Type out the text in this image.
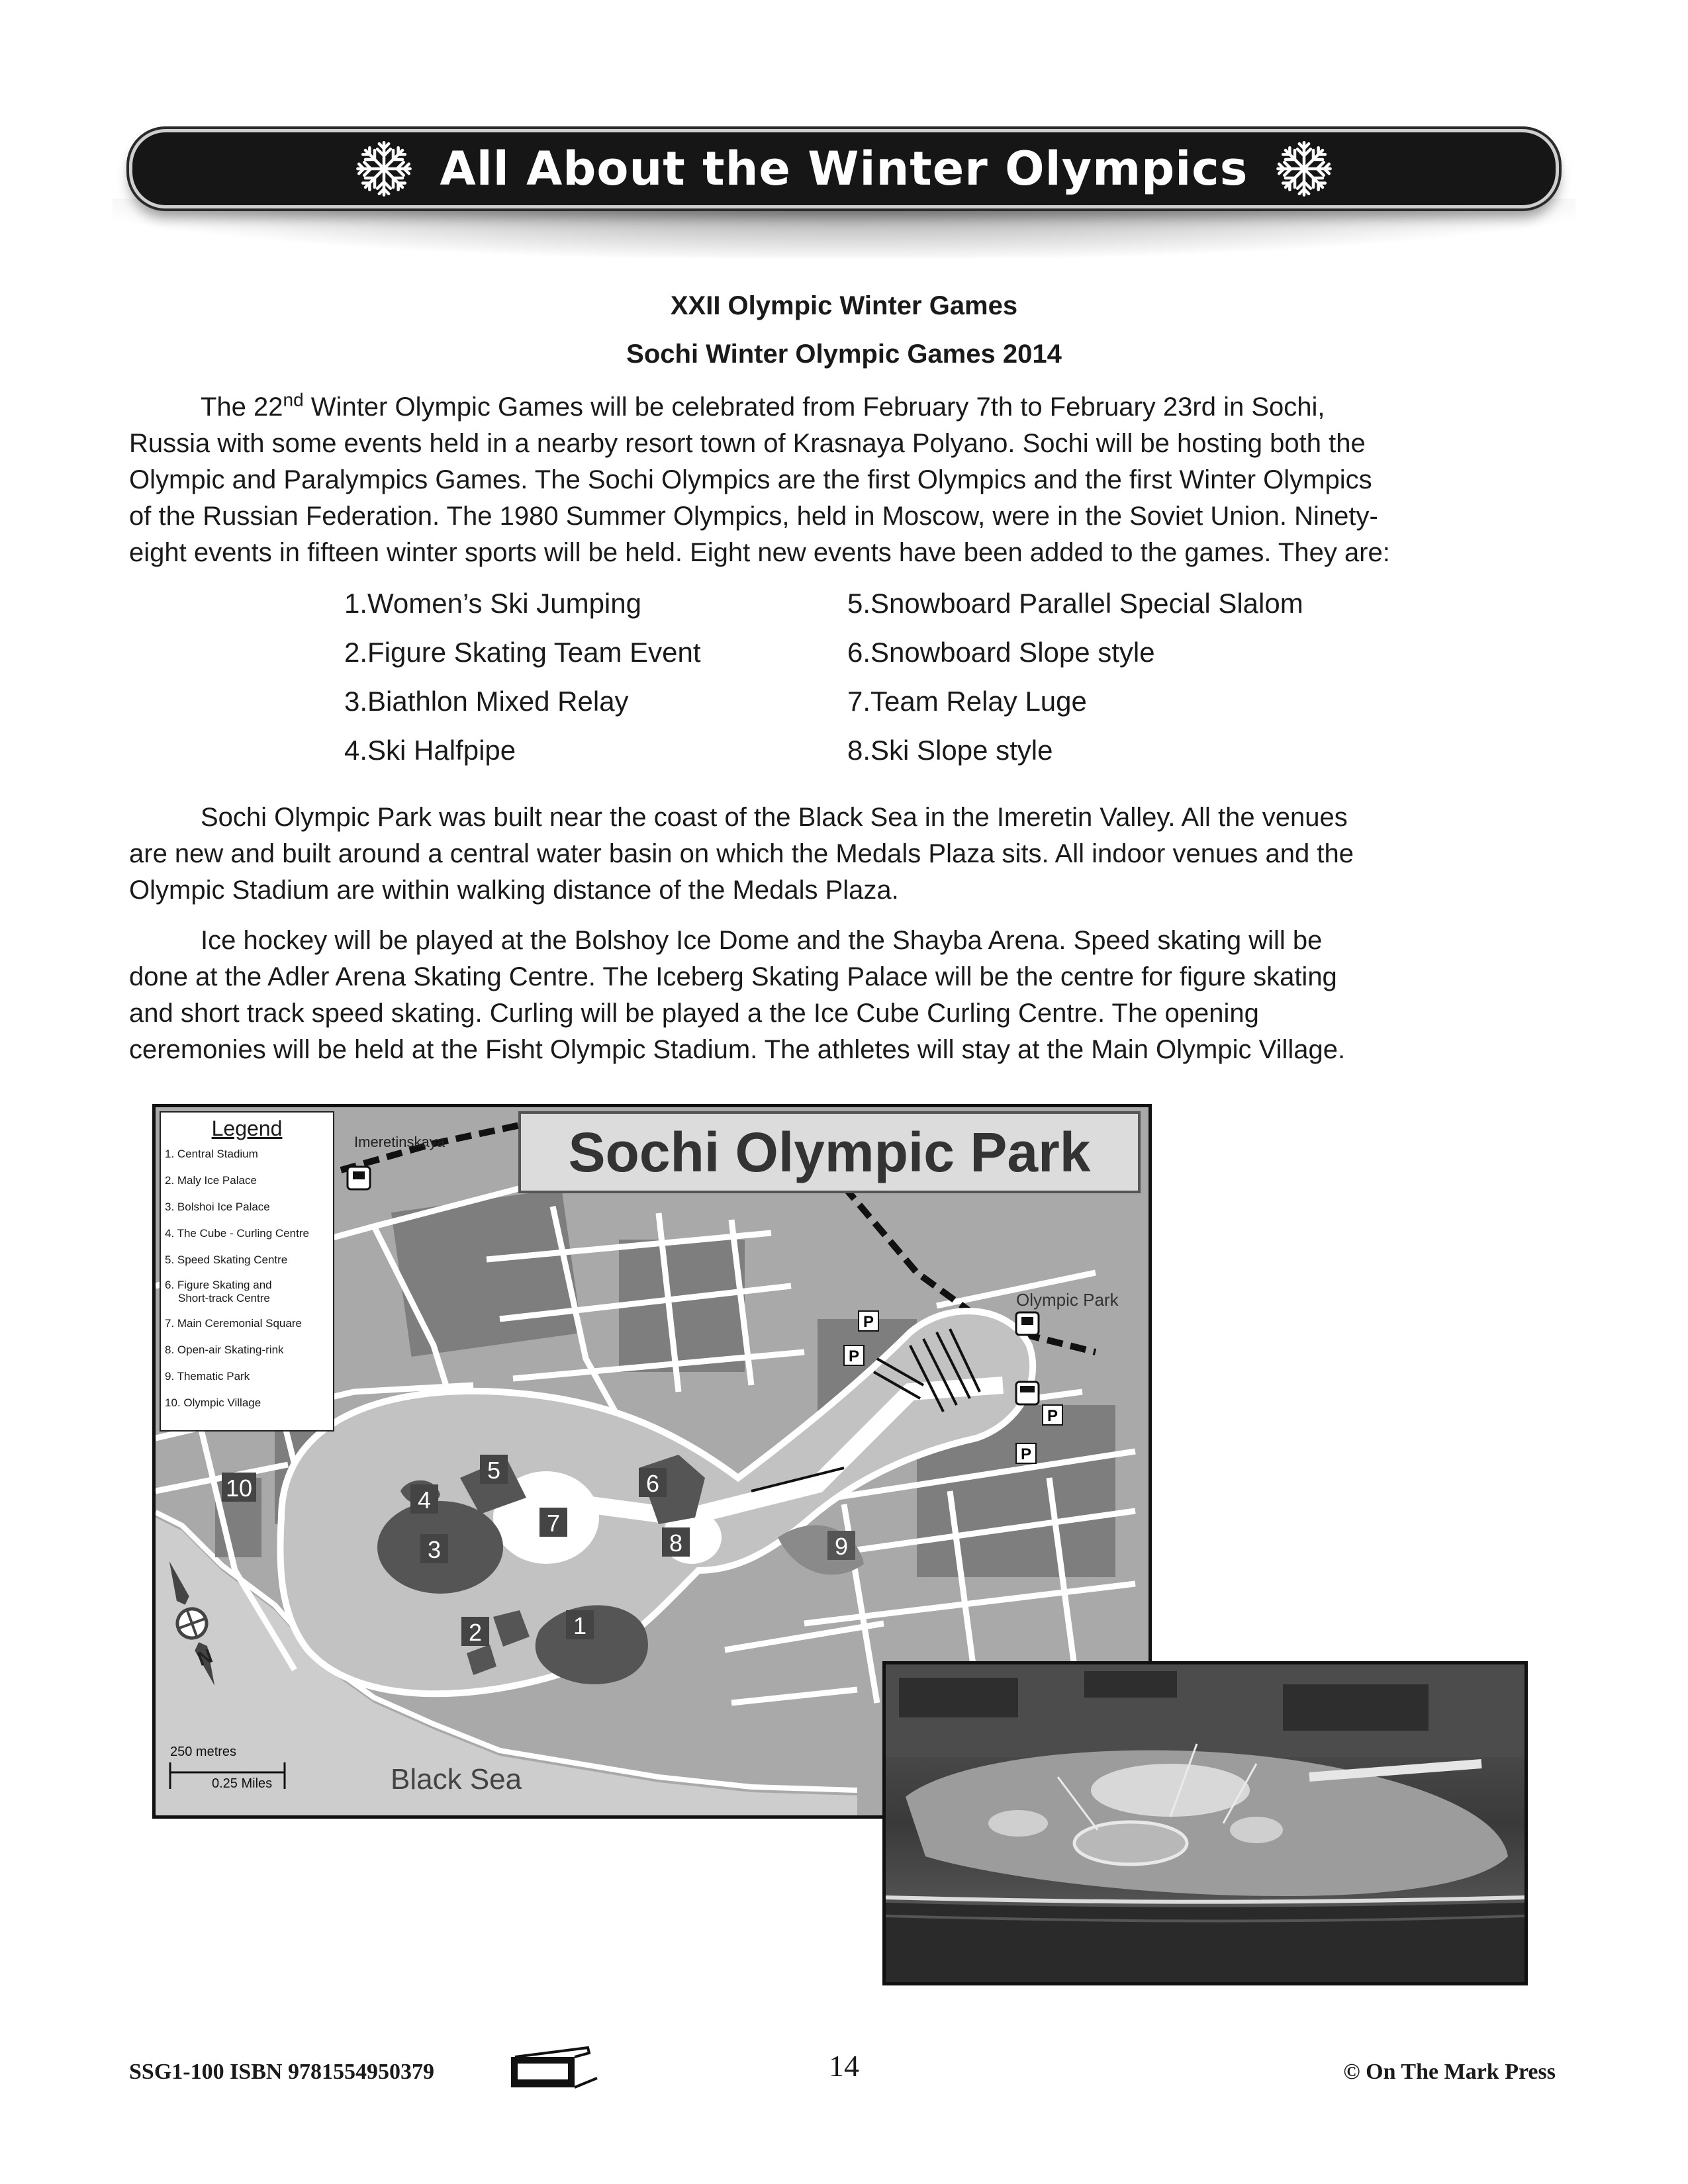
All About the Winter Olympics
XXII Olympic Winter Games
Sochi Winter Olympic Games 2014
The 22nd Winter Olympic Games will be celebrated from February 7th to February 23rd in Sochi,
Russia with some events held in a nearby resort town of Krasnaya Polyano. Sochi will be hosting both the
Olympic and Paralympics Games. The Sochi Olympics are the first Olympics and the first Winter Olympics
of the Russian Federation. The 1980 Summer Olympics, held in Moscow, were in the Soviet Union. Ninety-
eight events in fifteen winter sports will be held. Eight new events have been added to the games. They are:
1.Women’s Ski Jumping	5.Snowboard Parallel Special Slalom
2.Figure Skating Team Event	6.Snowboard Slope style
3.Biathlon Mixed Relay	7.Team Relay Luge
4.Ski Halfpipe	8.Ski Slope style
Sochi Olympic Park was built near the coast of the Black Sea in the Imeretin Valley. All the venues
are new and built around a central water basin on which the Medals Plaza sits. All indoor venues and the
Olympic Stadium are within walking distance of the Medals Plaza.
Ice hockey will be played at the Bolshoy Ice Dome and the Shayba Arena. Speed skating will be
done at the Adler Arena Skating Centre. The Iceberg Skating Palace will be the centre for figure skating
and short track speed skating. Curling will be played a the Ice Cube Curling Centre. The opening
ceremonies will be held at the Fisht Olympic Stadium. The athletes will stay at the Main Olympic Village.
1
2
3
4
5	6
7
8	9
10
P
P
P
P
Imeretinskaya
Olympic Park
Black Sea
250 metres
0.25 Miles
N
Legend
1. Central Stadium
2. Maly Ice Palace
3. Bolshoi Ice Palace
4. The Cube - Curling Centre
5. Speed Skating Centre
6. Figure Skating and
Short-track Centre
7. Main Ceremonial Square
8. Open-air Skating-rink
9. Thematic Park
10. Olympic Village
Sochi Olympic Park
SSG1-100 ISBN 9781554950379	14	© On The Mark Press
